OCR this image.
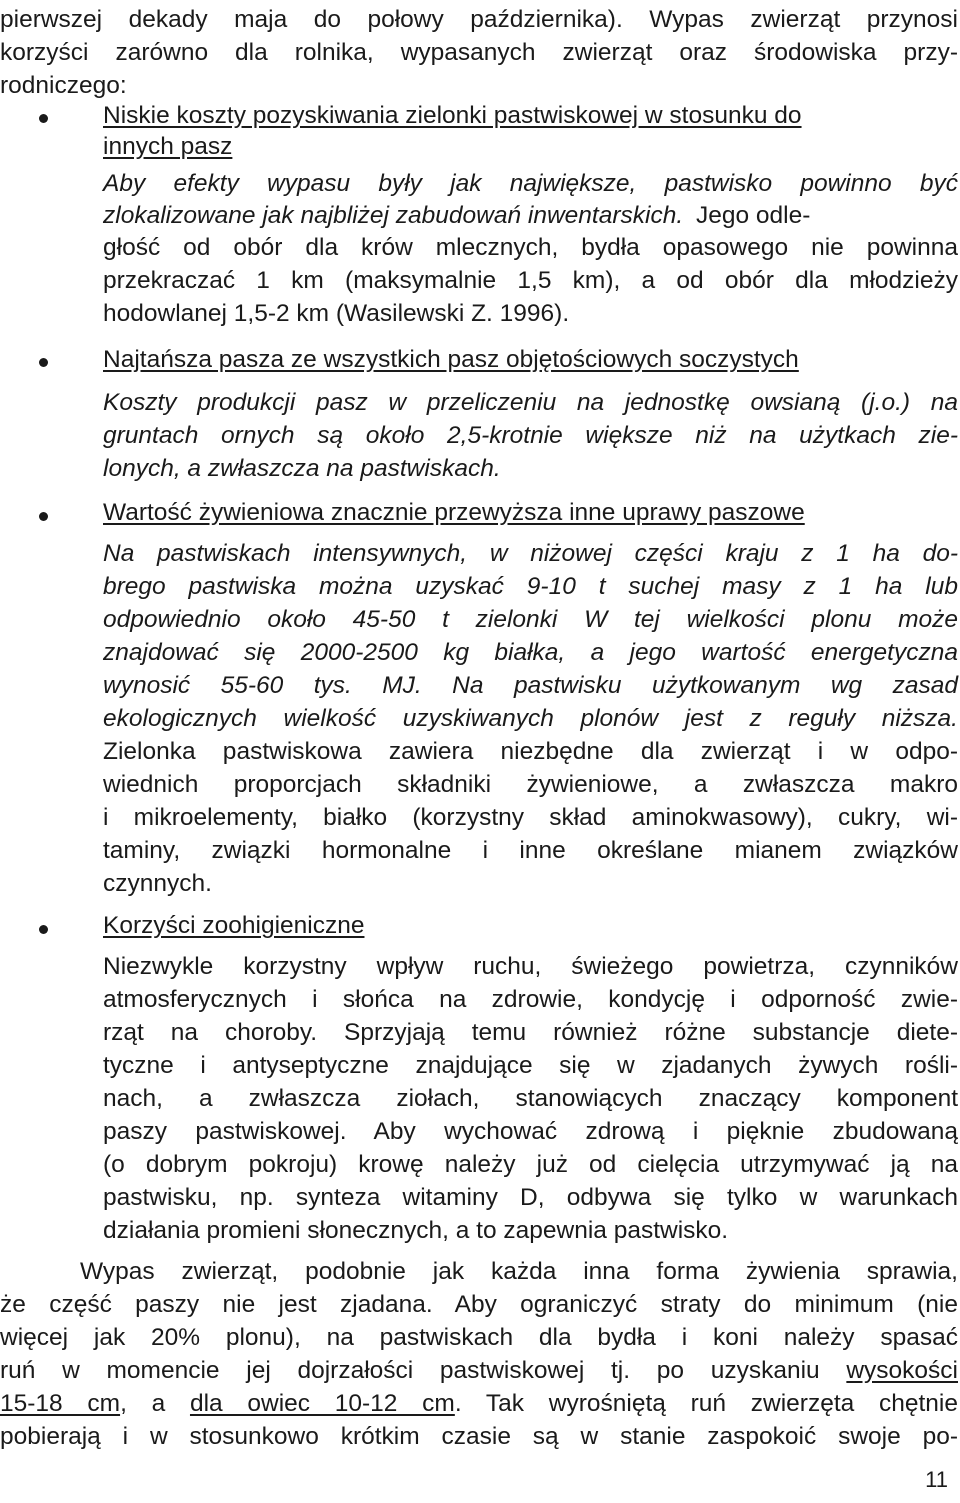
pierwszej dekady maja do połowy października). Wypas zwierząt przynosi
korzyści zarówno dla rolnika, wypasanych zwierząt oraz środowiska przy-
rodniczego:
Niskie koszty pozyskiwania zielonki pastwiskowej w stosunku do
innych pasz
Aby efekty wypasu były jak największe, pastwisko powinno być
zlokalizowane jak najbliżej zabudowań inwentarskich. Jego odle-
głość od obór dla krów mlecznych, bydła opasowego nie powinna
przekraczać 1 km (maksymalnie 1,5 km), a od obór dla młodzieży
hodowlanej 1,5-2 km (Wasilewski Z. 1996).
Najtańsza pasza ze wszystkich pasz objętościowych soczystych
Koszty produkcji pasz w przeliczeniu na jednostkę owsianą (j.o.) na
gruntach ornych są około 2,5-krotnie większe niż na użytkach zie-
lonych, a zwłaszcza na pastwiskach.
Wartość żywieniowa znacznie przewyższa inne uprawy paszowe
Na pastwiskach intensywnych, w niżowej części kraju z 1 ha do-
brego pastwiska można uzyskać 9-10 t suchej masy z 1 ha lub
odpowiednio około 45-50 t zielonki W tej wielkości plonu może
znajdować się 2000-2500 kg białka, a jego wartość energetyczna
wynosić 55-60 tys. MJ. Na pastwisku użytkowanym wg zasad
ekologicznych wielkość uzyskiwanych plonów jest z reguły niższa.
Zielonka pastwiskowa zawiera niezbędne dla zwierząt i w odpo-
wiednich proporcjach składniki żywieniowe, a zwłaszcza makro
i mikroelementy, białko (korzystny skład aminokwasowy), cukry, wi-
taminy, związki hormonalne i inne określane mianem związków
czynnych.
Korzyści zoohigieniczne
Niezwykle korzystny wpływ ruchu, świeżego powietrza, czynników
atmosferycznych i słońca na zdrowie, kondycję i odporność zwie-
rząt na choroby. Sprzyjają temu również różne substancje diete-
tyczne i antyseptyczne znajdujące się w zjadanych żywych rośli-
nach, a zwłaszcza ziołach, stanowiących znaczący komponent
paszy pastwiskowej. Aby wychować zdrową i pięknie zbudowaną
(o dobrym pokroju) krowę należy już od cielęcia utrzymywać ją na
pastwisku, np. synteza witaminy D, odbywa się tylko w warunkach
działania promieni słonecznych, a to zapewnia pastwisko.
Wypas zwierząt, podobnie jak każda inna forma żywienia sprawia,
że część paszy nie jest zjadana. Aby ograniczyć straty do minimum (nie
więcej jak 20% plonu), na pastwiskach dla bydła i koni należy spasać
ruń w momencie jej dojrzałości pastwiskowej tj. po uzyskaniu wysokości
15-18 cm, a dla owiec 10-12 cm. Tak wyrośniętą ruń zwierzęta chętnie
pobierają i w stosunkowo krótkim czasie są w stanie zaspokoić swoje po-
11
